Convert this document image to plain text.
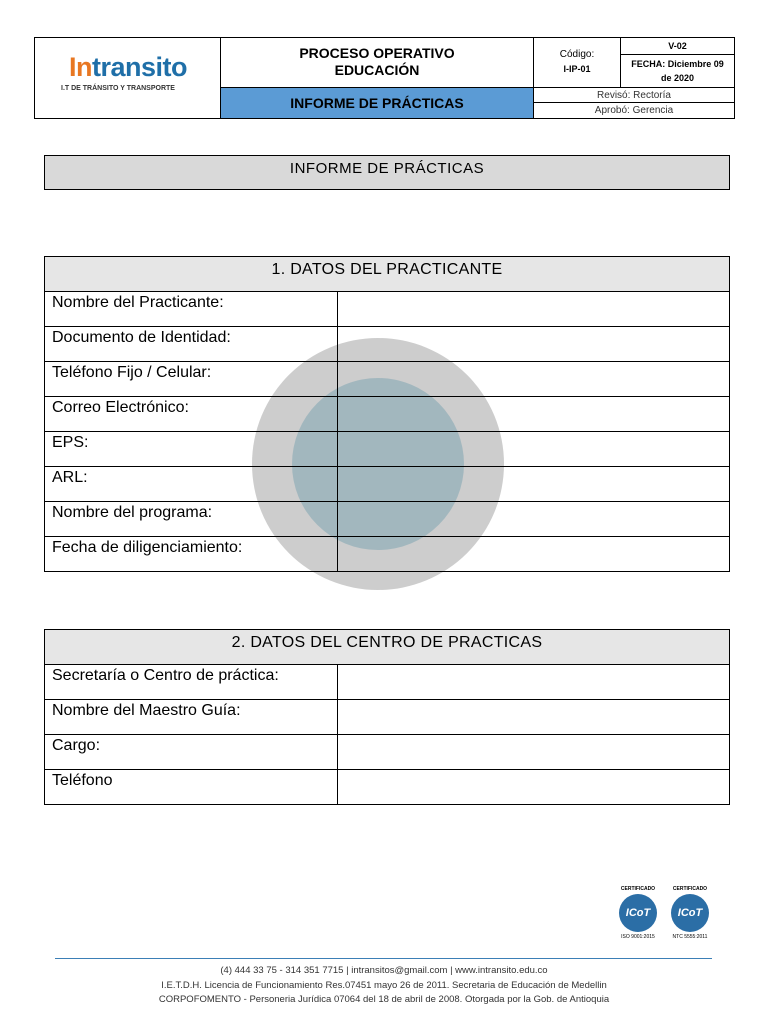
Intransito
I.T DE TRÁNSITO Y TRANSPORTE
PROCESO OPERATIVO
EDUCACIÓN
INFORME DE PRÁCTICAS
Código:
I-IP-01
V-02
FECHA: Diciembre 09
de 2020
Revisó: Rectoría
Aprobó: Gerencia
INFORME DE PRÁCTICAS
1. DATOS DEL PRACTICANTE
Nombre del Practicante:
Documento de Identidad:
Teléfono Fijo / Celular:
Correo Electrónico:
EPS:
ARL:
Nombre del programa:
Fecha de diligenciamiento:
2. DATOS DEL CENTRO DE PRACTICAS
Secretaría o Centro de práctica:
Nombre del Maestro Guía:
Cargo:
Teléfono
CERTIFICADO
ICoT
ISO 9001:2015
CERTIFICADO
ICoT
NTC 5555:2011
(4) 444 33 75 - 314 351 7715 | intransitos@gmail.com | www.intransito.edu.co
I.E.T.D.H. Licencia de Funcionamiento Res.07451 mayo 26 de 2011. Secretaria de Educación de Medellin
CORPOFOMENTO - Personeria Jurídica 07064 del 18 de abril de 2008. Otorgada por la Gob. de Antioquia
